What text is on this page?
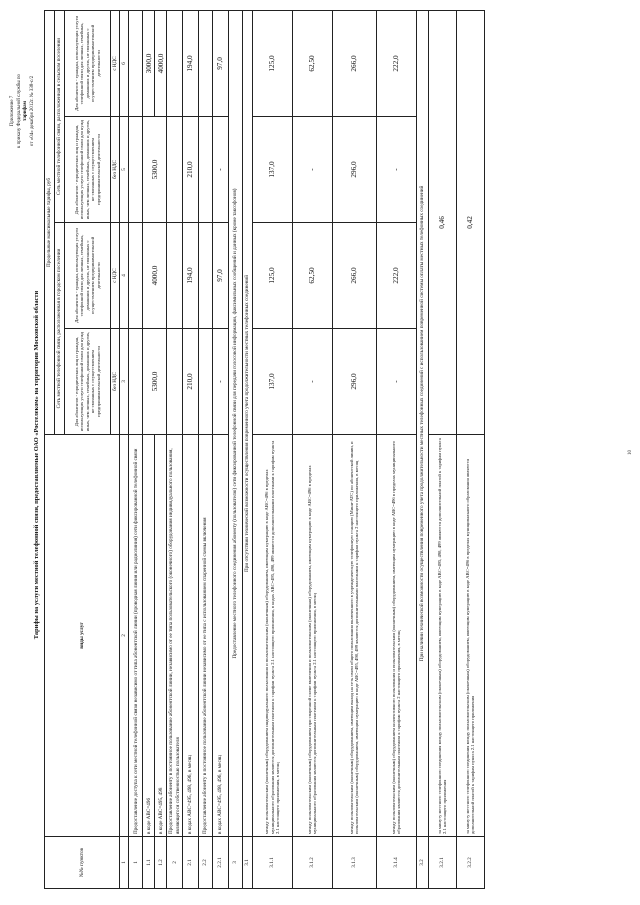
Приложение 7 к приказу Федеральной службы по тарифам от «04» декабря 2012г. № 338-с/2
Тарифы на услуги местной телефонной связи, предоставляемые ОАО «Ростелеком» на территории Московской области
№№ пунктов	виды услуг	Предельные максимальные тарифы, руб			
		Сеть местной телефонной связи, расположенная в городском поселении		Сеть местной телефонной связи, расположенная в сельском поселении	
		Для абонентов - юридических лиц и граждан, использующих услуги телефонной связи для нужд иных, чем личных, семейных, домашних и других, не связанных с осуществлением предпринимательской деятельности	Для абонентов - граждан, использующих услуги телефонной связи для личных, семейных, домашних и других, не связанных с осуществлением предпринимательской деятельности	Для абонентов - юридических лиц и граждан, использующих услуги телефонной связи для нужд иных, чем личных, семейных, домашних и других, не связанных с осуществлением предпринимательской деятельности	Для абонентов - граждан, использующих услуги телефонной связи для личных, семейных, домашних и других, не связанных с осуществлением предпринимательской деятельности
		без НДС	с НДС	без НДС	с НДС
1	2	3	4	5	6
1	Предоставление доступа к сети местной телефонной связи независимо от типа абонентской линии (проводная линия или радиолиния) сети фиксированной телефонной связи				
1.1	в коде АВС=496	5300,0	4000,0	5300,0	3000,0
1.2	в коде АВС=495, 498				4000,0
2	Предоставление абоненту в постоянное пользование абонентской линии, независимо от ее типа пользовательского (оконечного) оборудования индивидуального пользования, являющегося собственностью пользователя				
2.1	в кодах АВС=495, 498, 496, в месяц	210,0	194,0	210,0	194,0
2.2	Предоставление абоненту в постоянное пользование абонентской линии независимо от ее типа с использованием спаренной схемы включения				
2.2.1	в кодах АВС=495, 498, 496, в месяц	-	97,0	-	97,0
3	Предоставление местного телефонного соединения абоненту (пользователю) сети фиксированной телефонной связи для передачи голосовой информации, факсимильных сообщений и данных (кроме таксофонов)				
3.1	При отсутствии технической возможности осуществления повременного учета продолжительности местных телефонных соединений				
3.1.1	между пользовательским (оконечным) оборудованием индивидуального пользования и пользовательским (оконечным) оборудованием, имеющим нумерацию в коде АВС=496 в пределах муниципального образования являются дополнительным платежом к тарифам пункта 2.1 настоящего приложения, в кодах АВС=495, 498, 499 являются дополнительными платежами к тарифам пункта 2.1 настоящего приложения, в месяц	137,0	125,0	137,0	125,0
3.1.2	между пользовательским (оконечным) оборудованием при спаренной схеме включения и пользовательским (оконечным) оборудованием, имеющим нумерацию в коде АВС=496 в пределах муниципального образования являются дополнительным платежом к тарифам пункта 2.1 настоящего приложения, в месяц	-	62,50	-	62,50
3.1.3	между пользовательским (оконечным) оборудованием, имеющим выход на сеть связи общего пользования включенного в учрежденческую телефонную станцию (Мини-АТС) по абонентской линии, и пользовательским (оконечным) оборудованием, имеющим нумерацию в коде АВС=495, 498, 499 являются дополнительными платежами к тарифам пункта 2 настоящего приложения, в месяц	296,0	266,0	296,0	266,0
3.1.4	между пользовательским (оконечным) оборудованием коллективного пользования и пользовательским (оконечным) оборудованием, имеющим нумерацию в коде АВС=496 в пределах муниципального образования являются дополнительным платежом к тарифам пункта 2 настоящего приложения, в месяц	-	222,0	-	222,0
3.2	При наличии технической возможности осуществления повременного учета продолжительности местных телефонных соединений с использованием повременной системы оплаты местных телефонных соединений				
3.2.1	за минуту местного телефонного соединения между пользовательским (оконечным) оборудованием, имеющим нумерацию в коде АВС=495, 498, 499 являются дополнительной платой к тарифам пункта 2.1 настоящего приложения	0,46			
3.2.2	за минуту местного телефонного соединения между пользовательским (оконечным) оборудованием, имеющим нумерацию в коде АВС=496 в пределах муниципального образования являются дополнительной платой к тарифам пункта 2.1 настоящего приложения	0,42			
10
